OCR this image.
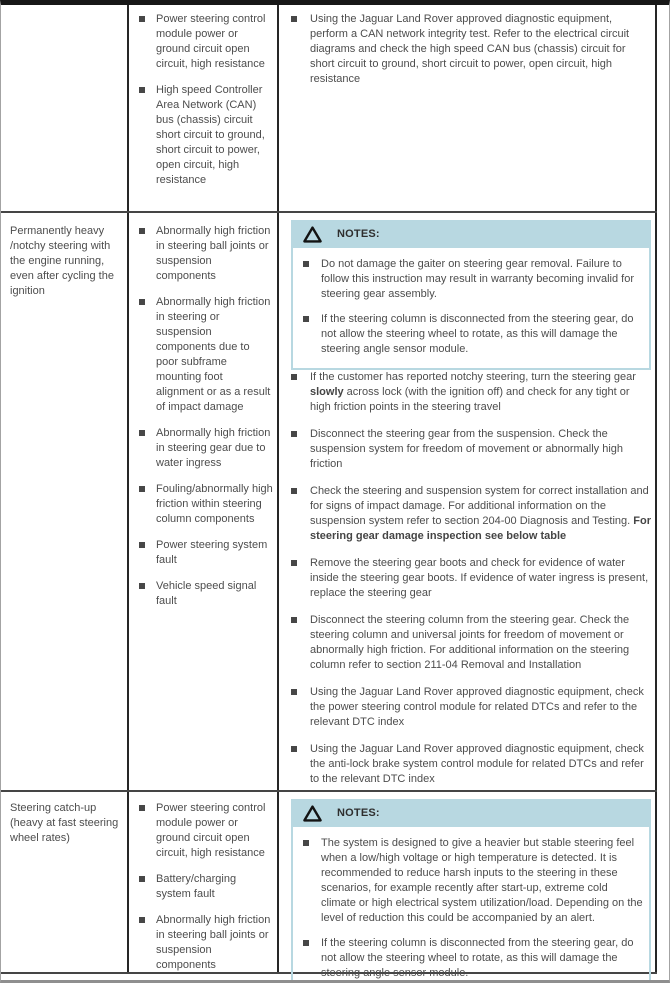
Power steering control module power or ground circuit open circuit, high resistance
High speed Controller Area Network (CAN) bus (chassis) circuit short circuit to ground, short circuit to power, open circuit, high resistance
Using the Jaguar Land Rover approved diagnostic equipment, perform a CAN network integrity test. Refer to the electrical circuit diagrams and check the high speed CAN bus (chassis) circuit for short circuit to ground, short circuit to power, open circuit, high resistance
Permanently heavy /notchy steering with the engine running, even after cycling the ignition
Abnormally high friction in steering ball joints or suspension components
Abnormally high friction in steering or suspension components due to poor subframe mounting foot alignment or as a result of impact damage
Abnormally high friction in steering gear due to water ingress
Fouling/abnormally high friction within steering column components
Power steering system fault
Vehicle speed signal fault
NOTES:
Do not damage the gaiter on steering gear removal. Failure to follow this instruction may result in warranty becoming invalid for steering gear assembly.
If the steering column is disconnected from the steering gear, do not allow the steering wheel to rotate, as this will damage the steering angle sensor module.
If the customer has reported notchy steering, turn the steering gear slowly across lock (with the ignition off) and check for any tight or high friction points in the steering travel
Disconnect the steering gear from the suspension. Check the suspension system for freedom of movement or abnormally high friction
Check the steering and suspension system for correct installation and for signs of impact damage. For additional information on the suspension system refer to section 204-00 Diagnosis and Testing. For steering gear damage inspection see below table
Remove the steering gear boots and check for evidence of water inside the steering gear boots. If evidence of water ingress is present, replace the steering gear
Disconnect the steering column from the steering gear. Check the steering column and universal joints for freedom of movement or abnormally high friction. For additional information on the steering column refer to section 211-04 Removal and Installation
Using the Jaguar Land Rover approved diagnostic equipment, check the power steering control module for related DTCs and refer to the relevant DTC index
Using the Jaguar Land Rover approved diagnostic equipment, check the anti-lock brake system control module for related DTCs and refer to the relevant DTC index
Steering catch-up (heavy at fast steering wheel rates)
Power steering control module power or ground circuit open circuit, high resistance
Battery/charging system fault
Abnormally high friction in steering ball joints or suspension components
NOTES:
The system is designed to give a heavier but stable steering feel when a low/high voltage or high temperature is detected. It is recommended to reduce harsh inputs to the steering in these scenarios, for example recently after start-up, extreme cold climate or high electrical system utilization/load. Depending on the level of reduction this could be accompanied by an alert.
If the steering column is disconnected from the steering gear, do not allow the steering wheel to rotate, as this will damage the steering angle sensor module.
